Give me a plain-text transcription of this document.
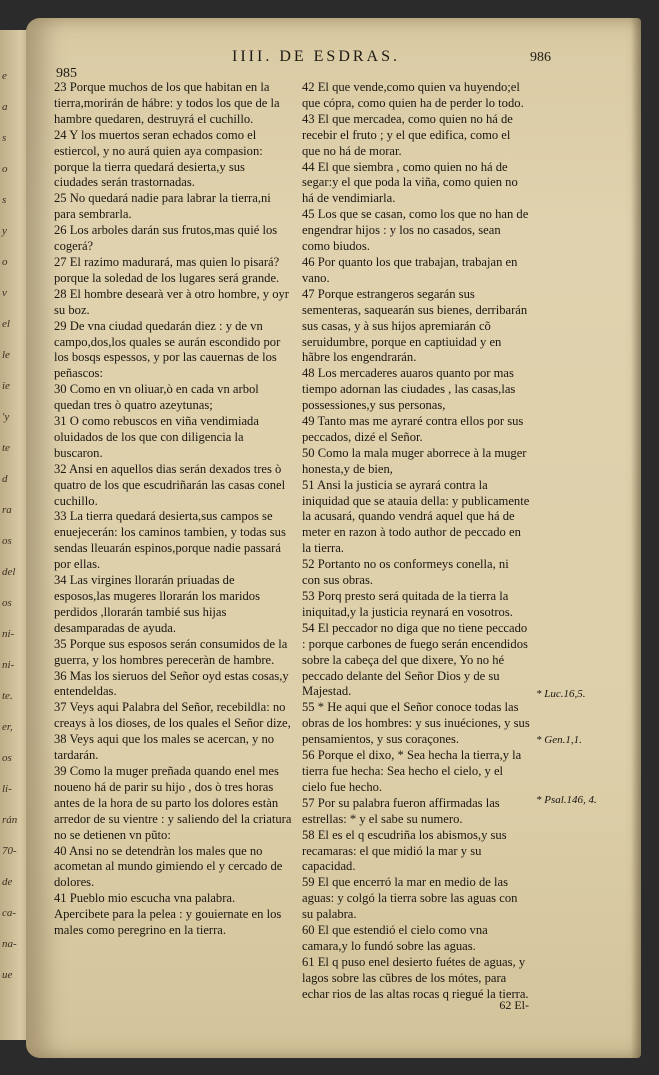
e
a
s
o
s
y
o
v
el
le
ie
'y
te
d
ra
os
del
os
ni-
ni-
te.
er,
os
li-
rán
70-
de
ca-
na-
ue
IIII. DE ESDRAS.
985
986

23 Porque muchos de los que habitan en la tierra,morirán de hábre: y todos los que de la hambre quedaren, destruyrá el cuchillo.

24 Y los muertos seran echados como el estiercol, y no aurá quien aya compasion: porque la tierra quedará desierta,y sus ciudades serán trastornadas.

25 No quedará nadie para labrar la tierra,ni para sembrarla.

26 Los arboles darán sus frutos,mas quié los cogerá?

27 El razimo madurará, mas quien lo pisará? porque la soledad de los lugares será grande.

28 El hombre desearà ver à otro hombre, y oyr su boz.

29 De vna ciudad quedarán diez : y de vn campo,dos,los quales se aurán escondido por los bosqs espessos, y por las cauernas de los peñascos:

30 Como en vn oliuar,ò en cada vn arbol quedan tres ò quatro azeytunas;

31 O como rebuscos en viña vendimiada oluidados de los que con diligencia la buscaron.

32 Ansi en aquellos dias serán dexados tres ò quatro de los que escudriñarán las casas conel cuchillo.

33 La tierra quedará desierta,sus campos se enuejecerán: los caminos tambien, y todas sus sendas lleuarán espinos,porque nadie passará por ellas.

34 Las virgines llorarán priuadas de esposos,las mugeres llorarán los maridos perdidos ,llorarán tambié sus hijas desamparadas de ayuda.

35 Porque sus esposos serán consumidos de la guerra, y los hombres pereceràn de hambre.

36 Mas los sieruos del Señor oyd estas cosas,y entendeldas.

37 Veys aqui Palabra del Señor, recebildla: no creays à los dioses, de los quales el Señor dize,

38 Veys aqui que los males se acercan, y no tardarán.

39 Como la muger preñada quando enel mes noueno há de parir su hijo , dos ò tres horas antes de la hora de su parto los dolores estàn arredor de su vientre : y saliendo del la criatura no se detienen vn pũto:

40 Ansi no se detendràn los males que no acometan al mundo gimiendo el y cercado de dolores.

41 Pueblo mio escucha vna palabra. Apercibete para la pelea : y gouiernate en los males como peregrino en la tierra.

42 El que vende,como quien va huyendo;el que cópra, como quien ha de perder lo todo.

43 El que mercadea, como quien no há de recebir el fruto ; y el que edifica, como el que no há de morar.

44 El que siembra , como quien no há de segar:y el que poda la viña, como quien no há de vendimiarla.

45 Los que se casan, como los que no han de engendrar hijos : y los no casados, sean como biudos.

46 Por quanto los que trabajan, trabajan en vano.

47 Porque estrangeros segarán sus sementeras, saquearán sus bienes, derribarán sus casas, y à sus hijos apremiarán cõ seruidumbre, porque en captiuidad y en hãbre los engendrarán.

48 Los mercaderes auaros quanto por mas tiempo adornan las ciudades , las casas,las possessiones,y sus personas,

49 Tanto mas me ayraré contra ellos por sus peccados, dizé el Señor.

50 Como la mala muger aborrece à la muger honesta,y de bien,

51 Ansi la justicia se ayrará contra la iniquidad que se atauia della: y publicamente la acusará, quando vendrá aquel que há de meter en razon à todo author de peccado en la tierra.

52 Portanto no os conformeys conella, ni con sus obras.

53 Porq presto será quitada de la tierra la iniquitad,y la justicia reynará en vosotros.

54 El peccador no diga que no tiene peccado : porque carbones de fuego serán encendidos sobre la cabeça del que dixere, Yo no hé peccado delante del Señor Dios y de su Majestad.

55 * He aqui que el Señor conoce todas las obras de los hombres: y sus inuéciones, y sus pensamientos, y sus coraçones.

56 Porque el dixo, * Sea hecha la tierra,y la tierra fue hecha: Sea hecho el cielo, y el cielo fue hecho.

57 Por su palabra fueron affirmadas las estrellas: * y el sabe su numero.

58 El es el q escudriña los abismos,y sus recamaras: el que midió la mar y su capacidad.

59 El que encerró la mar en medio de las aguas: y colgó la tierra sobre las aguas con su palabra.

60 El que estendió el cielo como vna camara,y lo fundó sobre las aguas.

61 El q puso enel desierto fuétes de aguas, y lagos sobre las cũbres de los mótes, para echar rios de las altas rocas q riegué la tierra.

* Luc.16,5.
* Gen.1,1.
* Psal.146, 4.
62 El-
